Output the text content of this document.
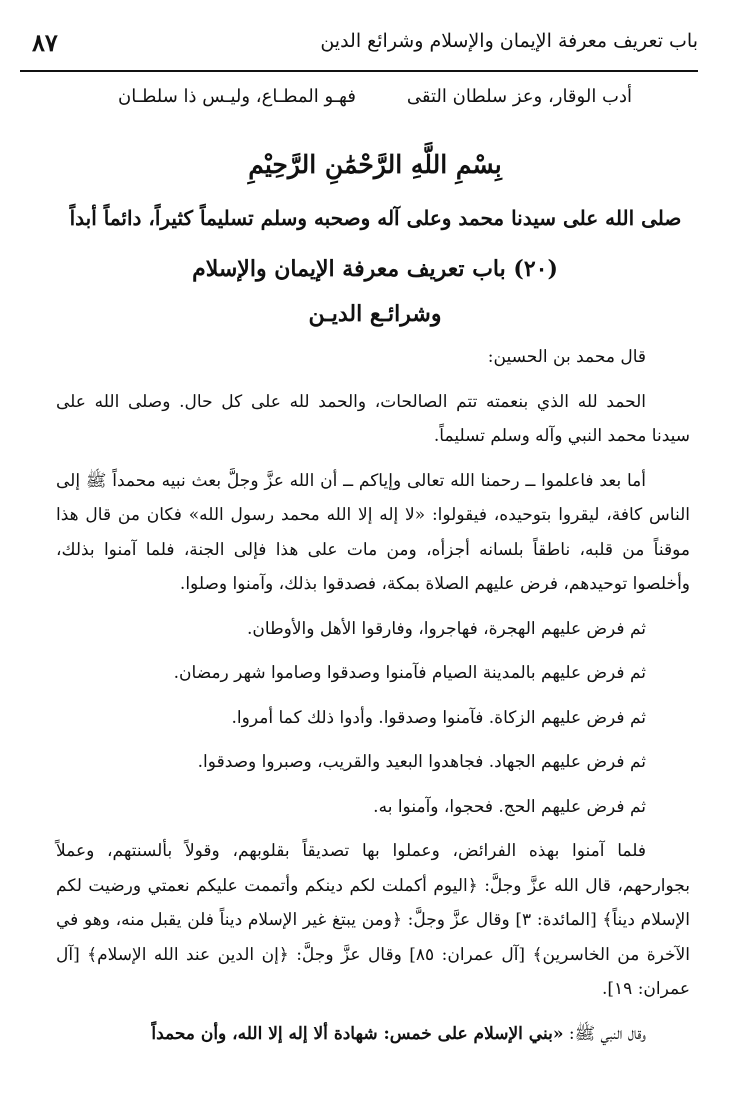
باب تعريف معرفة الإيمان والإسلام وشرائع الدين
٨٧
أدب الوقار، وعز سلطان التقى
فهـو المطـاع، وليـس ذا سلطـان
بِسْمِ اللَّهِ الرَّحْمَٰنِ الرَّحِيْمِ
صلى الله على سيدنا محمد وعلى آله وصحبه وسلم تسليماً كثيراً، دائماً أبداً
(٢٠) باب تعريف معرفة الإيمان والإسلام
وشرائـع الديـن

قال محمد بن الحسين:

الحمد لله الذي بنعمته تتم الصالحات، والحمد لله على كل حال. وصلى الله على سيدنا محمد النبي وآله وسلم تسليماً.

أما بعد فاعلموا ــ رحمنا الله تعالى وإياكم ــ أن الله عزَّ وجلَّ بعث نبيه محمداً ﷺ إلى الناس كافة، ليقروا بتوحيده، فيقولوا: «لا إله إلا الله محمد رسول الله» فكان من قال هذا موقناً من قلبه، ناطقاً بلسانه أجزأه، ومن مات على هذا فإلى الجنة، فلما آمنوا بذلك، وأخلصوا توحيدهم، فرض عليهم الصلاة بمكة، فصدقوا بذلك، وآمنوا وصلوا.

ثم فرض عليهم الهجرة، فهاجروا، وفارقوا الأهل والأوطان.

ثم فرض عليهم بالمدينة الصيام فآمنوا وصدقوا وصاموا شهر رمضان.

ثم فرض عليهم الزكاة. فآمنوا وصدقوا. وأدوا ذلك كما أمروا.

ثم فرض عليهم الجهاد. فجاهدوا البعيد والقريب، وصبروا وصدقوا.

ثم فرض عليهم الحج. فحجوا، وآمنوا به.

فلما آمنوا بهذه الفرائض، وعملوا بها تصديقاً بقلوبهم، وقولاً بألسنتهم، وعملاً بجوارحهم، قال الله عزَّ وجلَّ: ﴿اليوم أكملت لكم دينكم وأتممت عليكم نعمتي ورضيت لكم الإسلام ديناً﴾ [المائدة: ٣] وقال عزَّ وجلَّ: ﴿ومن يبتغ غير الإسلام ديناً فلن يقبل منه، وهو في الآخرة من الخاسرين﴾ [آل عمران: ٨٥] وقال عزَّ وجلَّ: ﴿إن الدين عند الله الإسلام﴾ [آل عمران: ١٩].

وقال النبي ﷺ: «بني الإسلام على خمس: شهادة ألا إله إلا الله، وأن محمداً
